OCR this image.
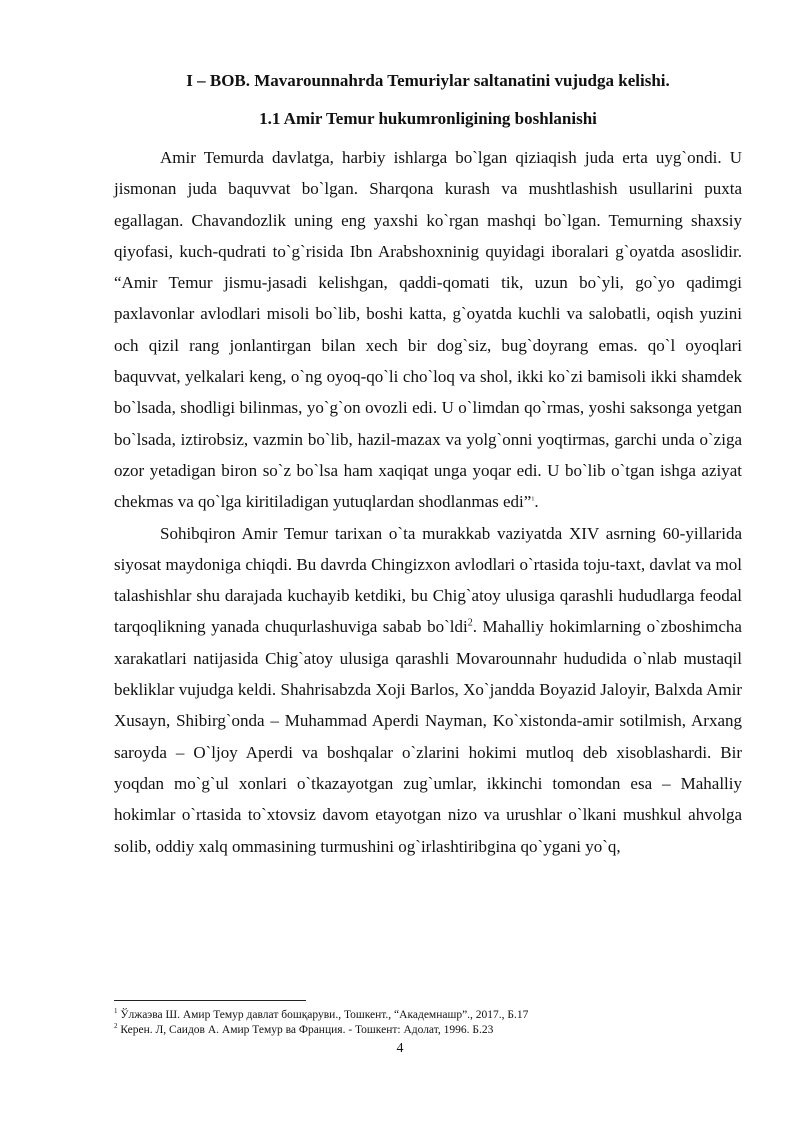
I – BOB. Mavarounnahrda Temuriylar saltanatini vujudga kelishi.
1.1 Amir Temur hukumronligining boshlanishi

Amir Temurda davlatga, harbiy ishlarga bo`lgan qiziaqish juda erta uyg`ondi. U jismonan juda baquvvat bo`lgan. Sharqona kurash va mushtlashish usullarini puxta egallagan. Chavandozlik uning eng yaxshi ko`rgan mashqi bo`lgan. Temurning shaxsiy qiyofasi, kuch-qudrati to`g`risida Ibn Arabshoxninig quyidagi iboralari g`oyatda asoslidir. “Amir Temur jismu-jasadi kelishgan, qaddi-qomati tik, uzun bo`yli, go`yo qadimgi paxlavonlar avlodlari misoli bo`lib, boshi katta, g`oyatda kuchli va salobatli, oqish yuzini och qizil rang jonlantirgan bilan xech bir dog`siz, bug`doyrang emas. qo`l oyoqlari baquvvat, yelkalari keng, o`ng oyoq-qo`li cho`loq va shol, ikki ko`zi bamisoli ikki shamdek bo`lsada, shodligi bilinmas, yo`g`on ovozli edi. U o`limdan qo`rmas, yoshi saksonga yetgan bo`lsada, iztirobsiz, vazmin bo`lib, hazil-mazax va yolg`onni yoqtirmas, garchi unda o`ziga ozor yetadigan biron so`z bo`lsa ham xaqiqat unga yoqar edi. U bo`lib o`tgan ishga aziyat chekmas va qo`lga kiritiladigan yutuqlardan shodlanmas edi”$^1$.

Sohibqiron Amir Temur tarixan o`ta murakkab vaziyatda XIV asrning 60-yillarida siyosat maydoniga chiqdi. Bu davrda Chingizxon avlodlari o`rtasida toju-taxt, davlat va mol talashishlar shu darajada kuchayib ketdiki, bu Chig`atoy ulusiga qarashli hududlarga feodal tarqoqlikning yanada chuqurlashuviga sabab bo`ldi$^2$. Mahalliy hokimlarning o`zboshimcha xarakatlari natijasida Chig`atoy ulusiga qarashli Movarounnahr hududida o`nlab mustaqil bekliklar vujudga keldi. Shahrisabzda Xoji Barlos, Xo`jandda Boyazid Jaloyir, Balxda Amir Xusayn, Shibirg`onda – Muhammad Aperdi Nayman, Ko`xistonda-amir sotilmish, Arxang saroyda – O`ljoy Aperdi va boshqalar o`zlarini hokimi mutloq deb xisoblashardi. Bir yoqdan mo`g`ul xonlari o`tkazayotgan zug`umlar, ikkinchi tomondan esa – Mahalliy hokimlar o`rtasida to`xtovsiz davom etayotgan nizo va urushlar o`lkani mushkul ahvolga solib, oddiy xalq ommasining turmushini og`irlashtiribgina qo`ygani yo`q,

$^1$ Ўлжаэва Ш. Амир Темур давлат бошқаруви., Тошкент., “Академнашр”., 2017., Б.17
$^2$ Керен. Л, Саидов А. Амир Темур ва Франция. - Тошкент: Адолат, 1996. Б.23
4
